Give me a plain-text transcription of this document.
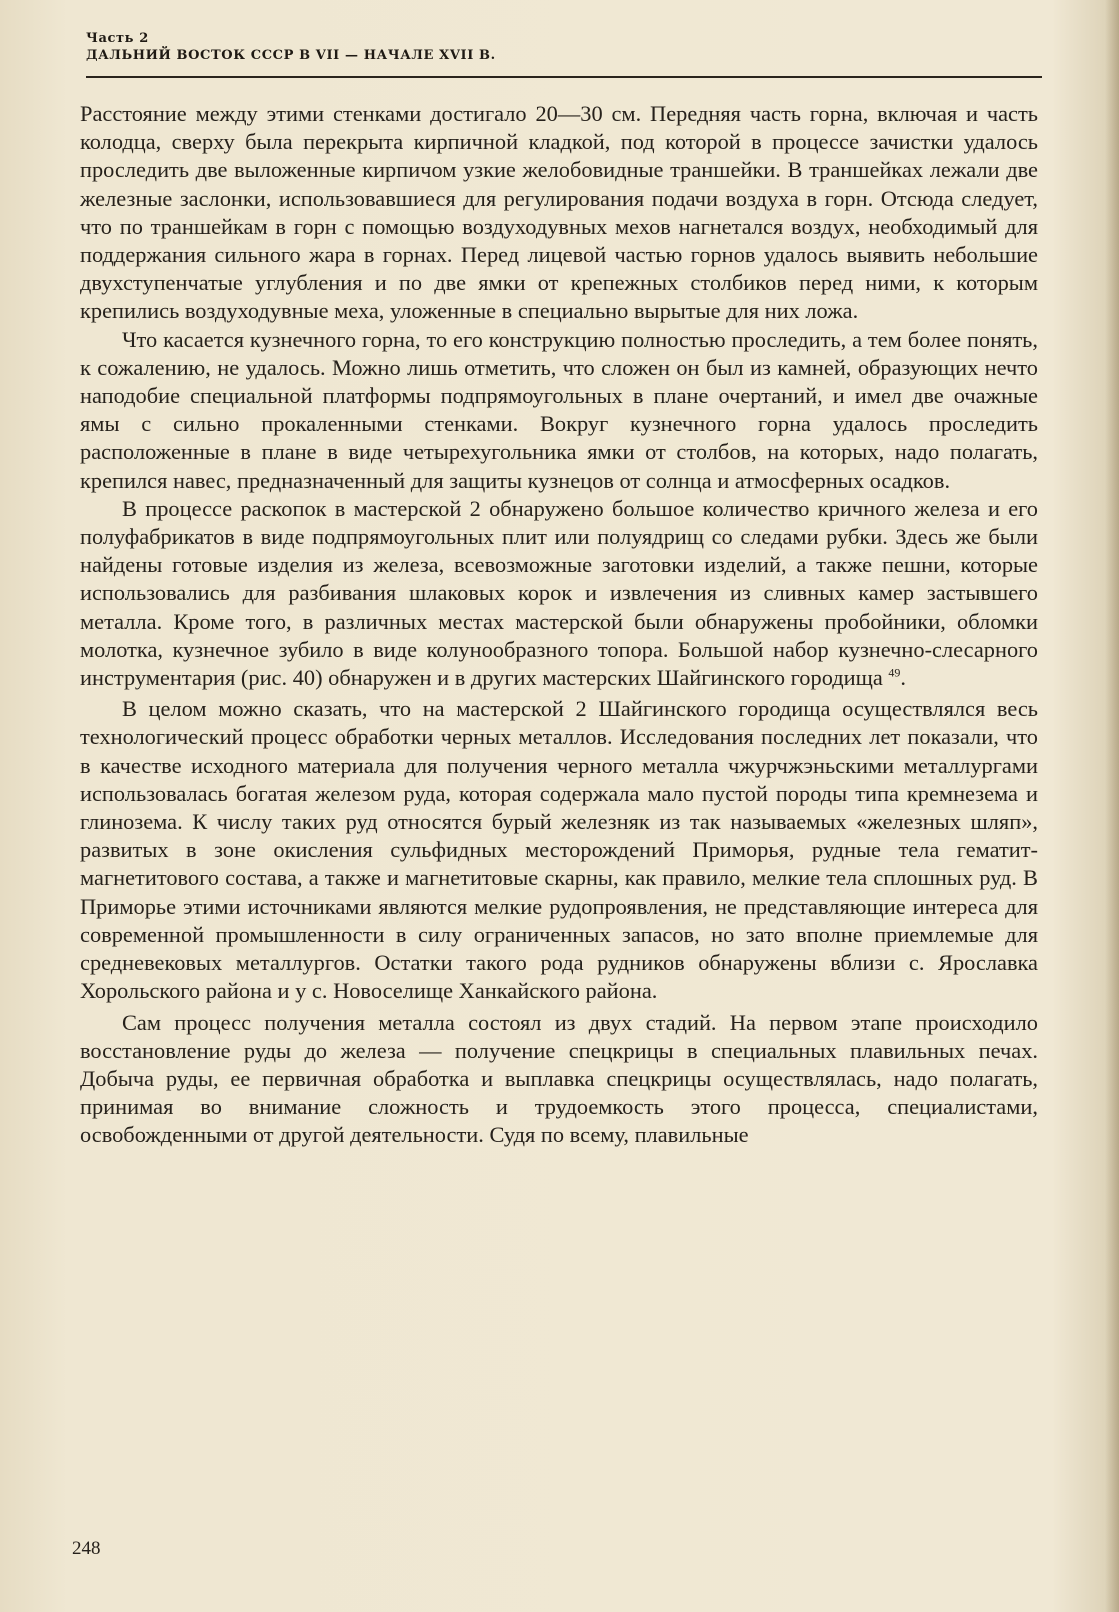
Часть 2
ДАЛЬНИЙ ВОСТОК СССР В VII — НАЧАЛЕ XVII В.

Расстояние между этими стенками достигало 20—30 см. Передняя часть горна, включая и часть колодца, сверху была перекрыта кирпичной кладкой, под которой в процессе зачистки удалось проследить две выложенные кирпичом узкие желобовидные траншейки. В траншейках лежали две железные заслонки, использовавшиеся для регулирования подачи воздуха в горн. Отсюда следует, что по траншейкам в горн с помощью воздуходувных мехов нагнетался воздух, необходимый для поддержания сильного жара в горнах. Перед лицевой частью горнов удалось выявить небольшие двухступенчатые углубления и по две ямки от крепежных столбиков перед ними, к которым крепились воздуходувные меха, уложенные в специально вырытые для них ложа.

Что касается кузнечного горна, то его конструкцию полностью проследить, а тем более понять, к сожалению, не удалось. Можно лишь отметить, что сложен он был из камней, образующих нечто наподобие специальной платформы подпрямоугольных в плане очертаний, и имел две очажные ямы с сильно прокаленными стенками. Вокруг кузнечного горна удалось проследить расположенные в плане в виде четырехугольника ямки от столбов, на которых, надо полагать, крепился навес, предназначенный для защиты кузнецов от солнца и атмосферных осадков.

В процессе раскопок в мастерской 2 обнаружено большое количество кричного железа и его полуфабрикатов в виде подпрямоугольных плит или полуядрищ со следами рубки. Здесь же были найдены готовые изделия из железа, всевозможные заготовки изделий, а также пешни, которые использовались для разбивания шлаковых корок и извлечения из сливных камер застывшего металла. Кроме того, в различных местах мастерской были обнаружены пробойники, обломки молотка, кузнечное зубило в виде колунообразного топора. Большой набор кузнечно-слесарного инструментария (рис. 40) обнаружен и в других мастерских Шайгинского городища $^{49}$.

В целом можно сказать, что на мастерской 2 Шайгинского городища осуществлялся весь технологический процесс обработки черных металлов. Исследования последних лет показали, что в качестве исходного материала для получения черного металла чжурчжэньскими металлургами использовалась богатая железом руда, которая содержала мало пустой породы типа кремнезема и глинозема. К числу таких руд относятся бурый железняк из так называемых «железных шляп», развитых в зоне окисления сульфидных месторождений Приморья, рудные тела гематит-магнетитового состава, а также и магнетитовые скарны, как правило, мелкие тела сплошных руд. В Приморье этими источниками являются мелкие рудопроявления, не представляющие интереса для современной промышленности в силу ограниченных запасов, но зато вполне приемлемые для средневековых металлургов. Остатки такого рода рудников обнаружены вблизи с. Ярославка Хорольского района и у с. Новоселище Ханкайского района.

Сам процесс получения металла состоял из двух стадий. На первом этапе происходило восстановление руды до железа — получение спецкрицы в специальных плавильных печах. Добыча руды, ее первичная обработка и выплавка спецкрицы осуществлялась, надо полагать, принимая во внимание сложность и трудоемкость этого процесса, специалистами, освобожденными от другой деятельности. Судя по всему, плавильные

248
